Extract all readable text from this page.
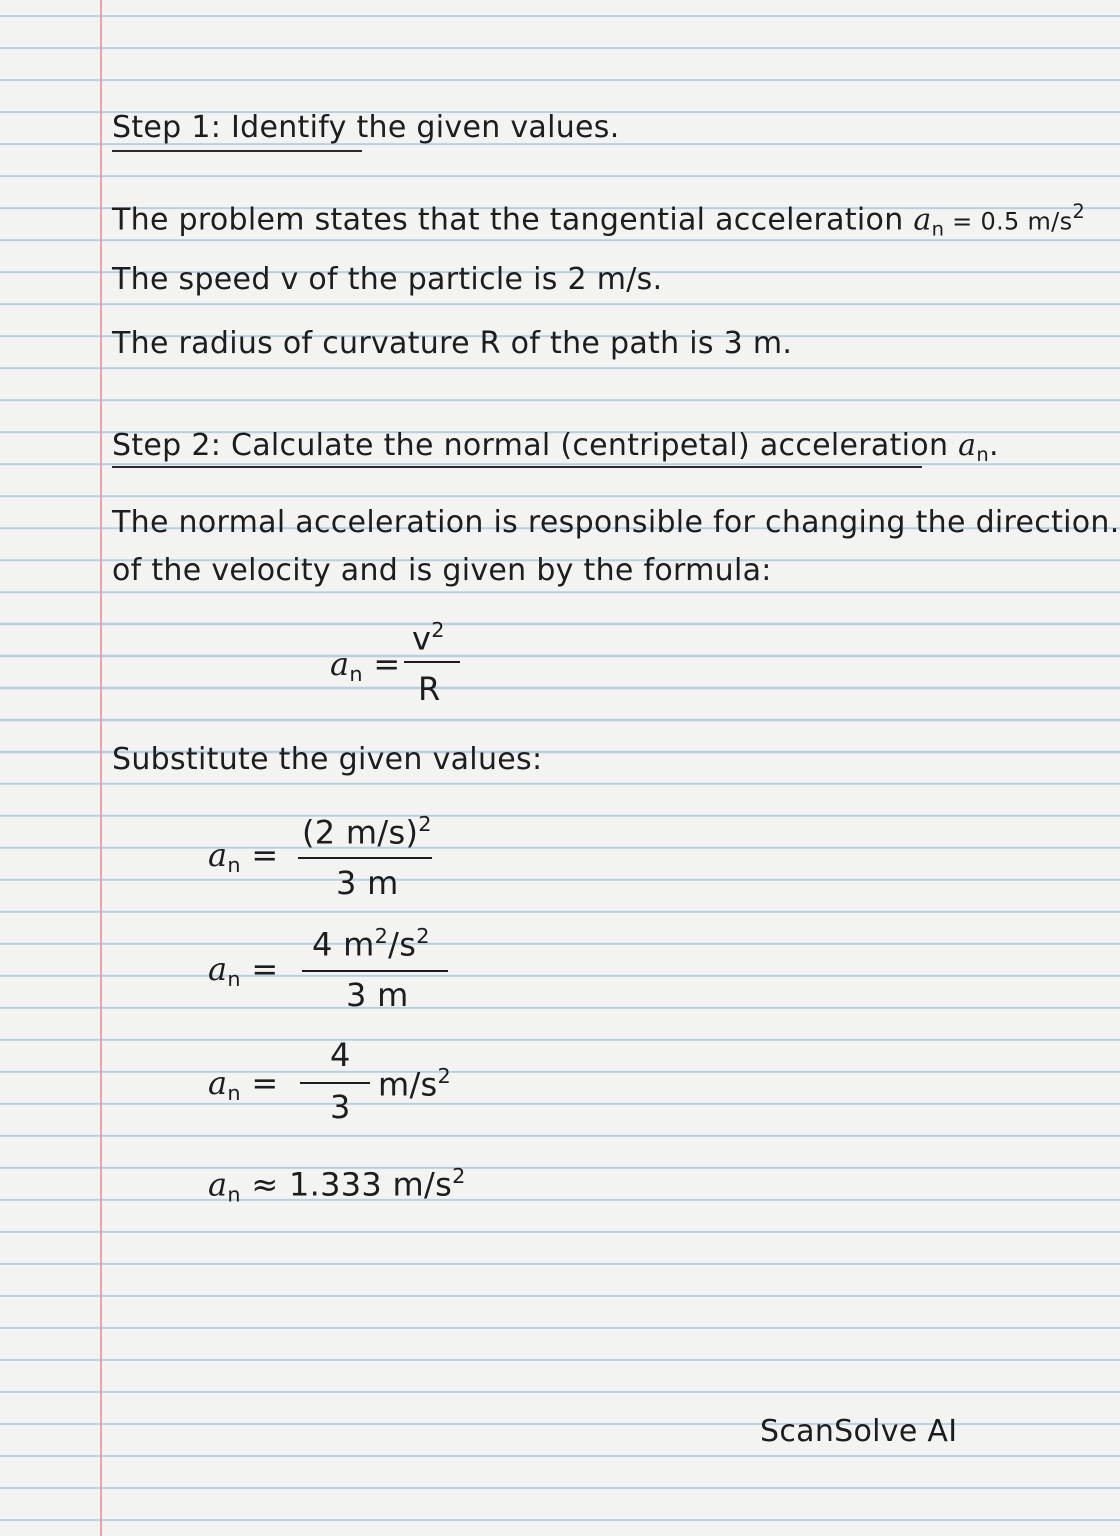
Step 1: Identify the given values.
The problem states that the tangential acceleration $a_n = 0.5$ $m/s^2$
The speed v of the particle is 2 m/s.
The radius of curvature R of the path is 3 m.
Step 2: Calculate the normal (centripetal) acceleration $a_n$.
The normal acceleration is responsible for changing the direction.
of the velocity and is given by the formula:
$a_n$ =
$v^2$
R
Substitute the given values:
$a_n$ =
(2 m/s)$^2$
3 m
$a_n$ =
4 $m^2/s^2$
3 m
$a_n$ =
4
3
$m/s^2$
$a_n \approx 1.333$ $m/s^2$
ScanSolve AI
